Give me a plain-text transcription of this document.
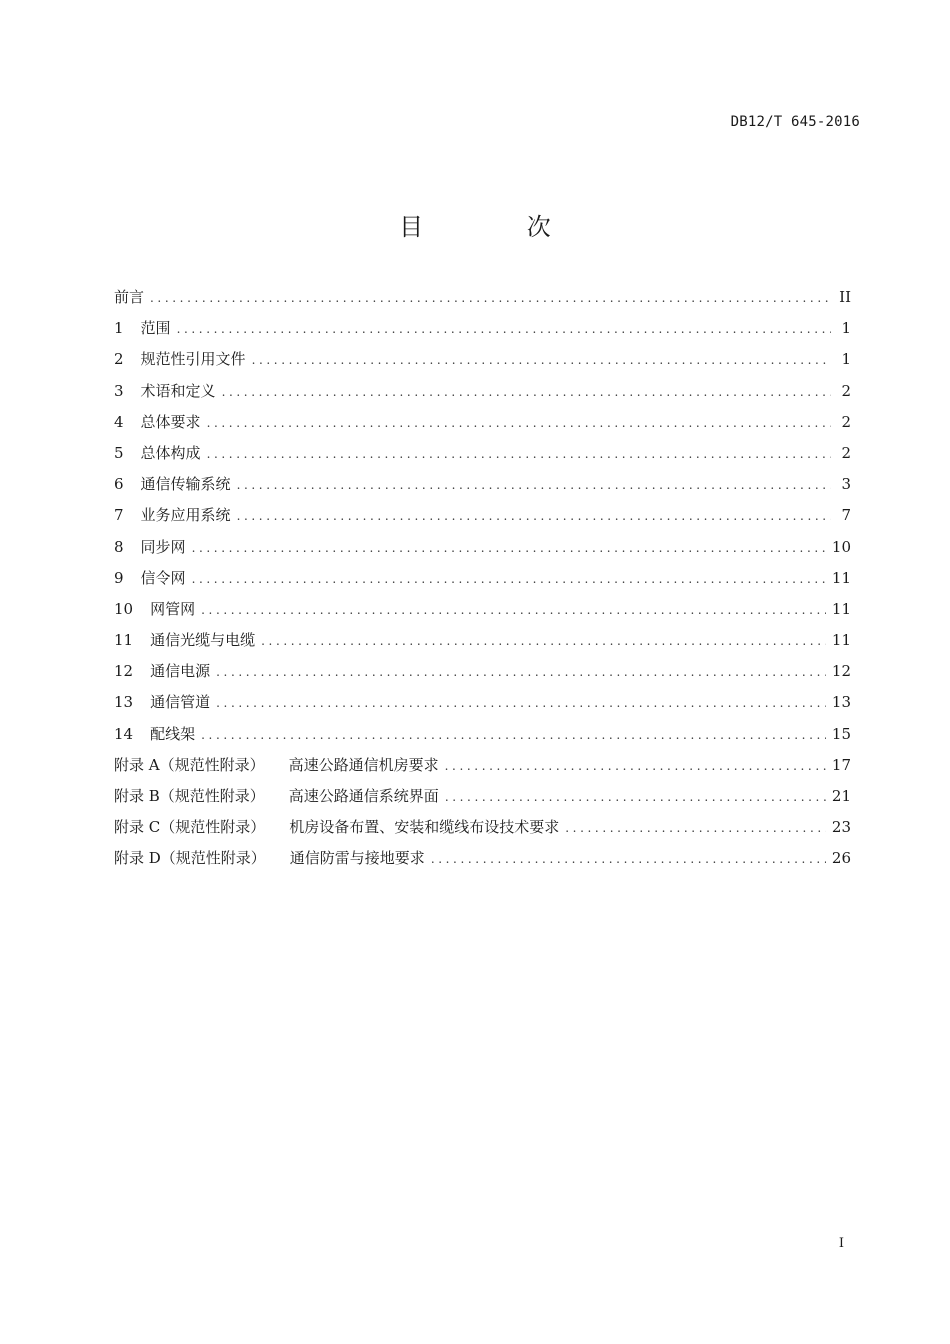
DB12/T 645-2016
目 次
前言 .....	II
1 范围 .....	1
2 规范性引用文件 .....	1
3 术语和定义 .....	2
4 总体要求 .....	2
5 总体构成 .....	2
6 通信传输系统 .....	3
7 业务应用系统 .....	7
8 同步网 .....	10
9 信令网 .....	11
10 网管网 .....	11
11 通信光缆与电缆 .....	11
12 通信电源 .....	12
13 通信管道 .....	13
14 配线架 .....	15
附录 A（规范性附录） 高速公路通信机房要求 .....	17
附录 B（规范性附录） 高速公路通信系统界面 .....	21
附录 C（规范性附录） 机房设备布置、安装和缆线布设技术要求 .....	23
附录 D（规范性附录） 通信防雷与接地要求 .....	26
I
